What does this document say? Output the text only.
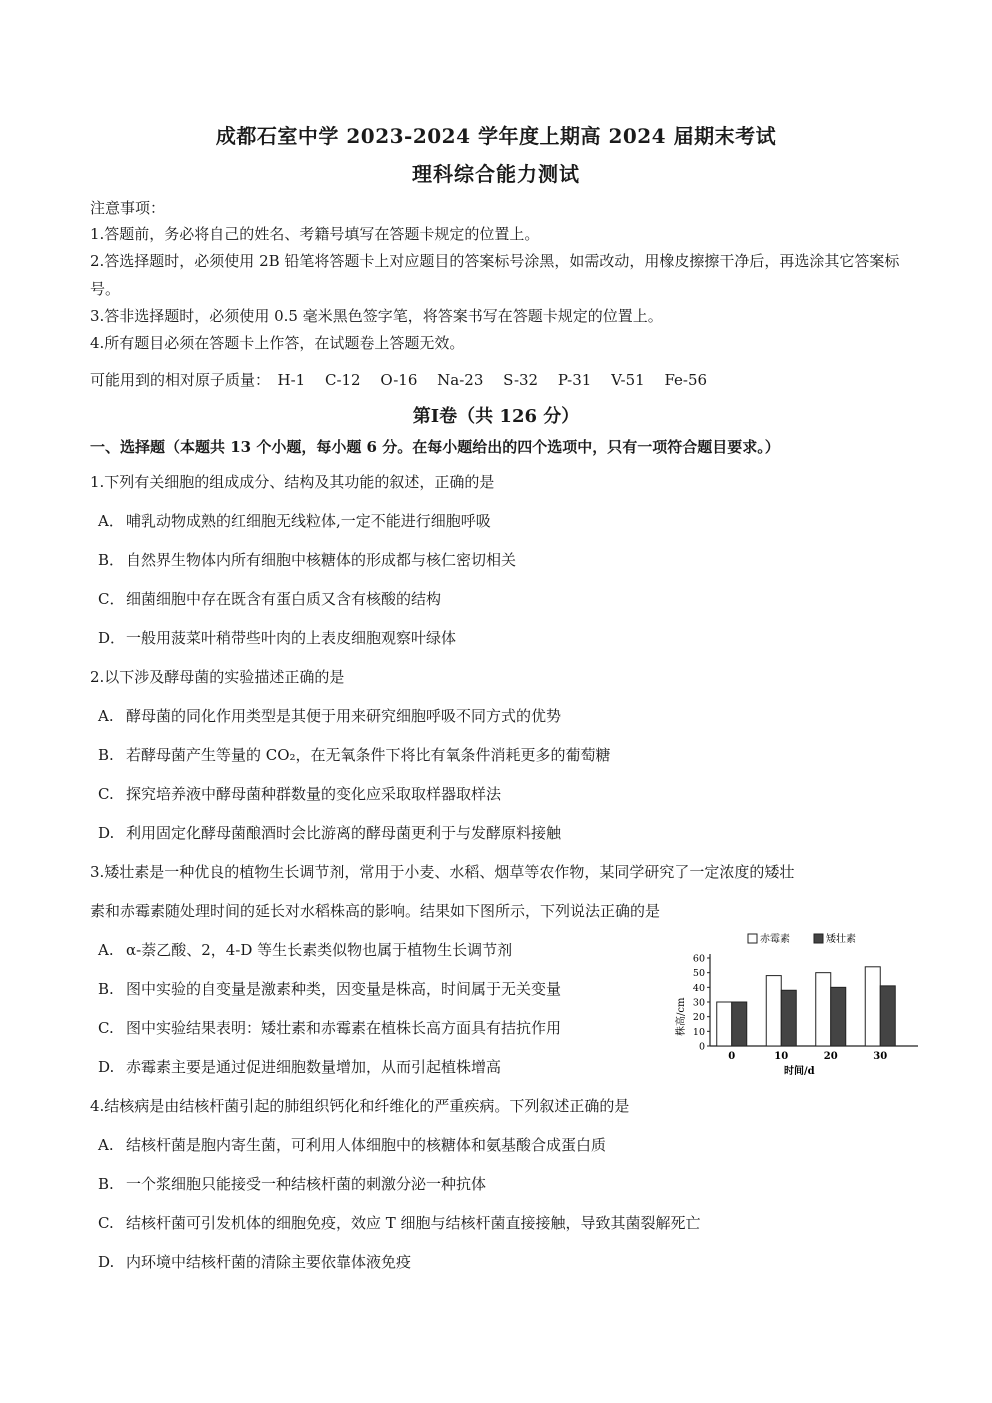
成都石室中学 2023-2024 学年度上期高 2024 届期末考试
理科综合能力测试
注意事项：
1.答题前，务必将自己的姓名、考籍号填写在答题卡规定的位置上。
2.答选择题时，必须使用 2B 铅笔将答题卡上对应题目的答案标号涂黑，如需改动，用橡皮擦擦干净后，再选涂其它答案标号。
3.答非选择题时，必须使用 0.5 毫米黑色签字笔，将答案书写在答题卡规定的位置上。
4.所有题目必须在答题卡上作答，在试题卷上答题无效。
可能用到的相对原子质量：　H-1　 C-12　 O-16　 Na-23　 S-32　 P-31　 V-51　 Fe-56
第Ⅰ卷（共 126 分）
一、选择题（本题共 13 个小题，每小题 6 分。在每小题给出的四个选项中，只有一项符合题目要求。）
1.下列有关细胞的组成成分、结构及其功能的叙述，正确的是
A． 哺乳动物成熟的红细胞无线粒体,一定不能进行细胞呼吸
B． 自然界生物体内所有细胞中核糖体的形成都与核仁密切相关
C． 细菌细胞中存在既含有蛋白质又含有核酸的结构
D．一般用菠菜叶稍带些叶肉的上表皮细胞观察叶绿体
2.以下涉及酵母菌的实验描述正确的是
A. 酵母菌的同化作用类型是其便于用来研究细胞呼吸不同方式的优势
B. 若酵母菌产生等量的 CO₂，在无氧条件下将比有氧条件消耗更多的葡萄糖
C. 探究培养液中酵母菌种群数量的变化应采取取样器取样法
D. 利用固定化酵母菌酿酒时会比游离的酵母菌更利于与发酵原料接触
3.矮壮素是一种优良的植物生长调节剂，常用于小麦、水稻、烟草等农作物，某同学研究了一定浓度的矮壮
素和赤霉素随处理时间的延长对水稻株高的影响。结果如下图所示，下列说法正确的是
A. α-萘乙酸、2，4-D 等生长素类似物也属于植物生长调节剂
B. 图中实验的自变量是激素种类，因变量是株高，时间属于无关变量
C. 图中实验结果表明：矮壮素和赤霉素在植株长高方面具有拮抗作用
D. 赤霉素主要是通过促进细胞数量增加，从而引起植株增高
赤霉素	矮壮素
株高/cm
时间/d
0
10
20
30
40
50
60
0	10	20	30
4.结核病是由结核杆菌引起的肺组织钙化和纤维化的严重疾病。下列叙述正确的是
A. 结核杆菌是胞内寄生菌，可利用人体细胞中的核糖体和氨基酸合成蛋白质
B. 一个浆细胞只能接受一种结核杆菌的刺激分泌一种抗体
C. 结核杆菌可引发机体的细胞免疫，效应 T 细胞与结核杆菌直接接触，导致其菌裂解死亡
D. 内环境中结核杆菌的清除主要依靠体液免疫
